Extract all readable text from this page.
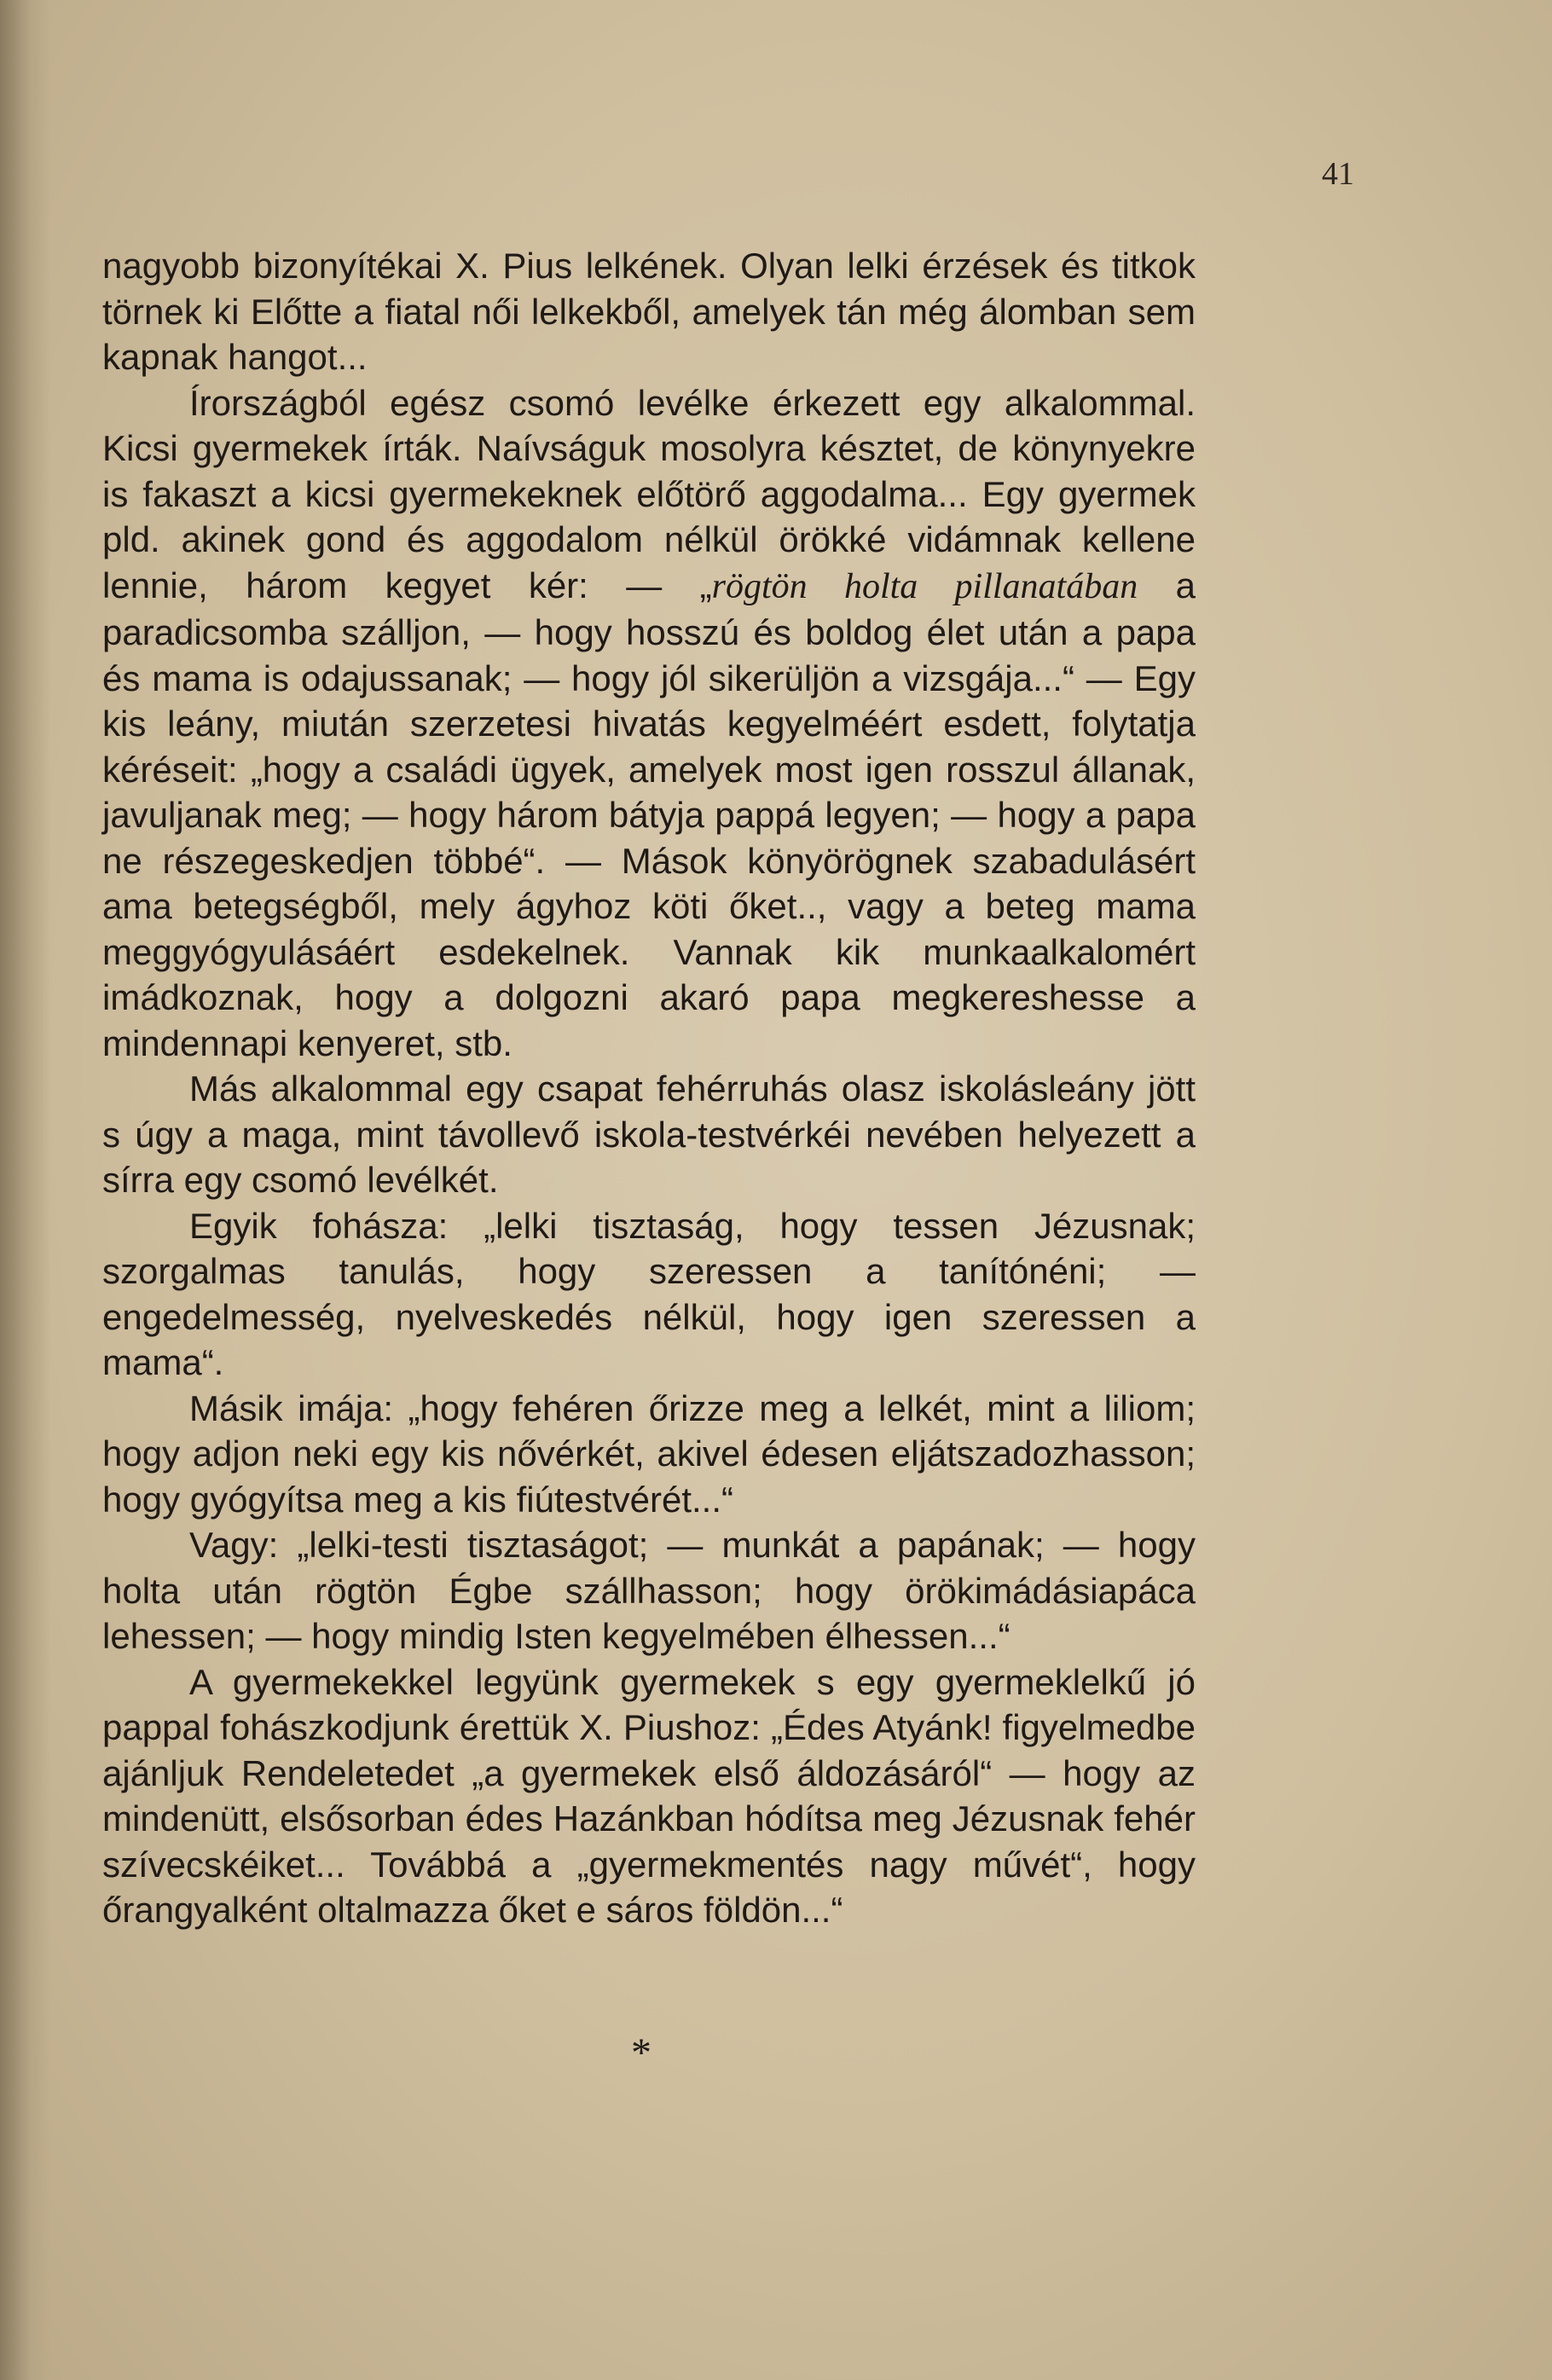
41

nagyobb bizonyítékai X. Pius lelkének. Olyan lelki érzések és titkok törnek ki Előtte a fiatal női lelkekből, amelyek tán még álomban sem kapnak hangot...

Írországból egész csomó levélke érkezett egy alkalommal. Kicsi gyermekek írták. Naívságuk mosolyra késztet, de könynyekre is fakaszt a kicsi gyermekeknek előtörő aggodalma... Egy gyermek pld. akinek gond és aggodalom nélkül örökké vidámnak kellene lennie, három kegyet kér: — „rögtön holta pillanatában a paradicsomba szálljon, — hogy hosszú és boldog élet után a papa és mama is odajussanak; — hogy jól sikerüljön a vizsgája...“ — Egy kis leány, miután szerzetesi hivatás kegyelméért esdett, folytatja kéréseit: „hogy a családi ügyek, amelyek most igen rosszul állanak, javuljanak meg; — hogy három bátyja pappá legyen; — hogy a papa ne részegeskedjen többé“. — Mások könyörögnek szabadulásért ama betegségből, mely ágyhoz köti őket.., vagy a beteg mama meggyógyulásáért esdekelnek. Vannak kik munkaalkalomért imádkoznak, hogy a dolgozni akaró papa megkereshesse a mindennapi kenyeret, stb.

Más alkalommal egy csapat fehérruhás olasz iskolásleány jött s úgy a maga, mint távollevő iskola-testvérkéi nevében helyezett a sírra egy csomó levélkét.

Egyik fohásza: „lelki tisztaság, hogy tessen Jézusnak; szorgalmas tanulás, hogy szeressen a tanítónéni; — engedelmesség, nyelveskedés nélkül, hogy igen szeressen a mama“.

Másik imája: „hogy fehéren őrizze meg a lelkét, mint a liliom; hogy adjon neki egy kis nővérkét, akivel édesen eljátszadozhasson; hogy gyógyítsa meg a kis fiútestvérét...“

Vagy: „lelki-testi tisztaságot; — munkát a papának; — hogy holta után rögtön Égbe szállhasson; hogy örökimádásiapáca lehessen; — hogy mindig Isten kegyelmében élhessen...“

A gyermekekkel legyünk gyermekek s egy gyermeklelkű jó pappal fohászkodjunk érettük X. Piushoz: „Édes Atyánk! figyelmedbe ajánljuk Rendeletedet „a gyermekek első áldozásáról“ — hogy az mindenütt, elsősorban édes Hazánkban hódítsa meg Jézusnak fehér szívecskéiket... Továbbá a „gyermekmentés nagy művét“, hogy őrangyalként oltalmazza őket e sáros földön...“

*
